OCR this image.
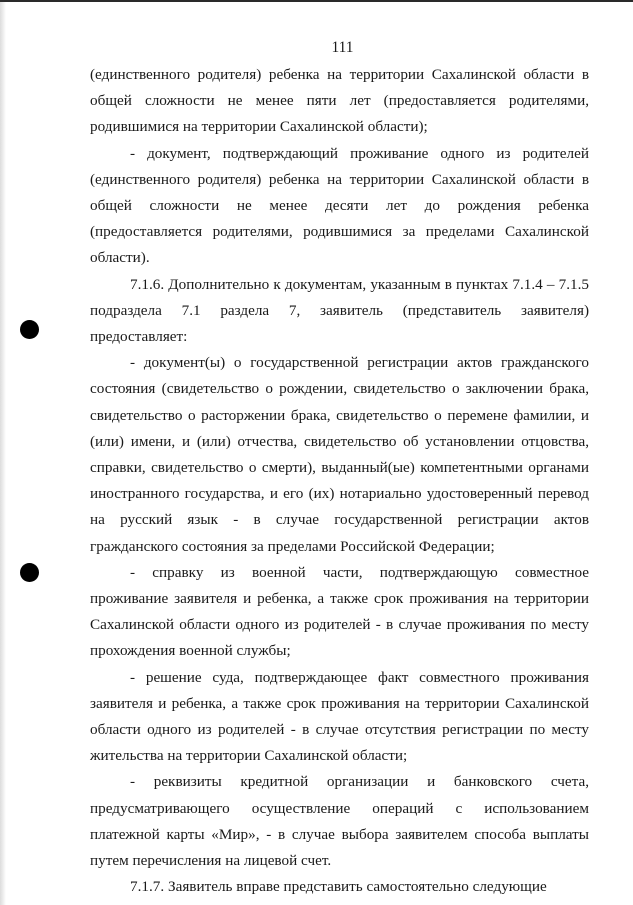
111

(единственного родителя) ребенка на территории Сахалинской области в общей сложности не менее пяти лет (предоставляется родителями, родившимися на территории Сахалинской области);

- документ, подтверждающий проживание одного из родителей (единственного родителя) ребенка на территории Сахалинской области в общей сложности не менее десяти лет до рождения ребенка (предоставляется родителями, родившимися за пределами Сахалинской области).

7.1.6. Дополнительно к документам, указанным в пунктах 7.1.4 – 7.1.5 подраздела 7.1 раздела 7, заявитель (представитель заявителя) предоставляет:

- документ(ы) о государственной регистрации актов гражданского состояния (свидетельство о рождении, свидетельство о заключении брака, свидетельство о расторжении брака, свидетельство о перемене фамилии, и (или) имени, и (или) отчества, свидетельство об установлении отцовства, справки, свидетельство о смерти), выданный(ые) компетентными органами иностранного государства, и его (их) нотариально удостоверенный перевод на русский язык - в случае государственной регистрации актов гражданского состояния за пределами Российской Федерации;

- справку из военной части, подтверждающую совместное проживание заявителя и ребенка, а также срок проживания на территории Сахалинской области одного из родителей - в случае проживания по месту прохождения военной службы;

- решение суда, подтверждающее факт совместного проживания заявителя и ребенка, а также срок проживания на территории Сахалинской области одного из родителей - в случае отсутствия регистрации по месту жительства на территории Сахалинской области;

- реквизиты кредитной организации и банковского счета, предусматривающего осуществление операций с использованием платежной карты «Мир», - в случае выбора заявителем способа выплаты путем перечисления на лицевой счет.

7.1.7. Заявитель вправе представить самостоятельно следующие
